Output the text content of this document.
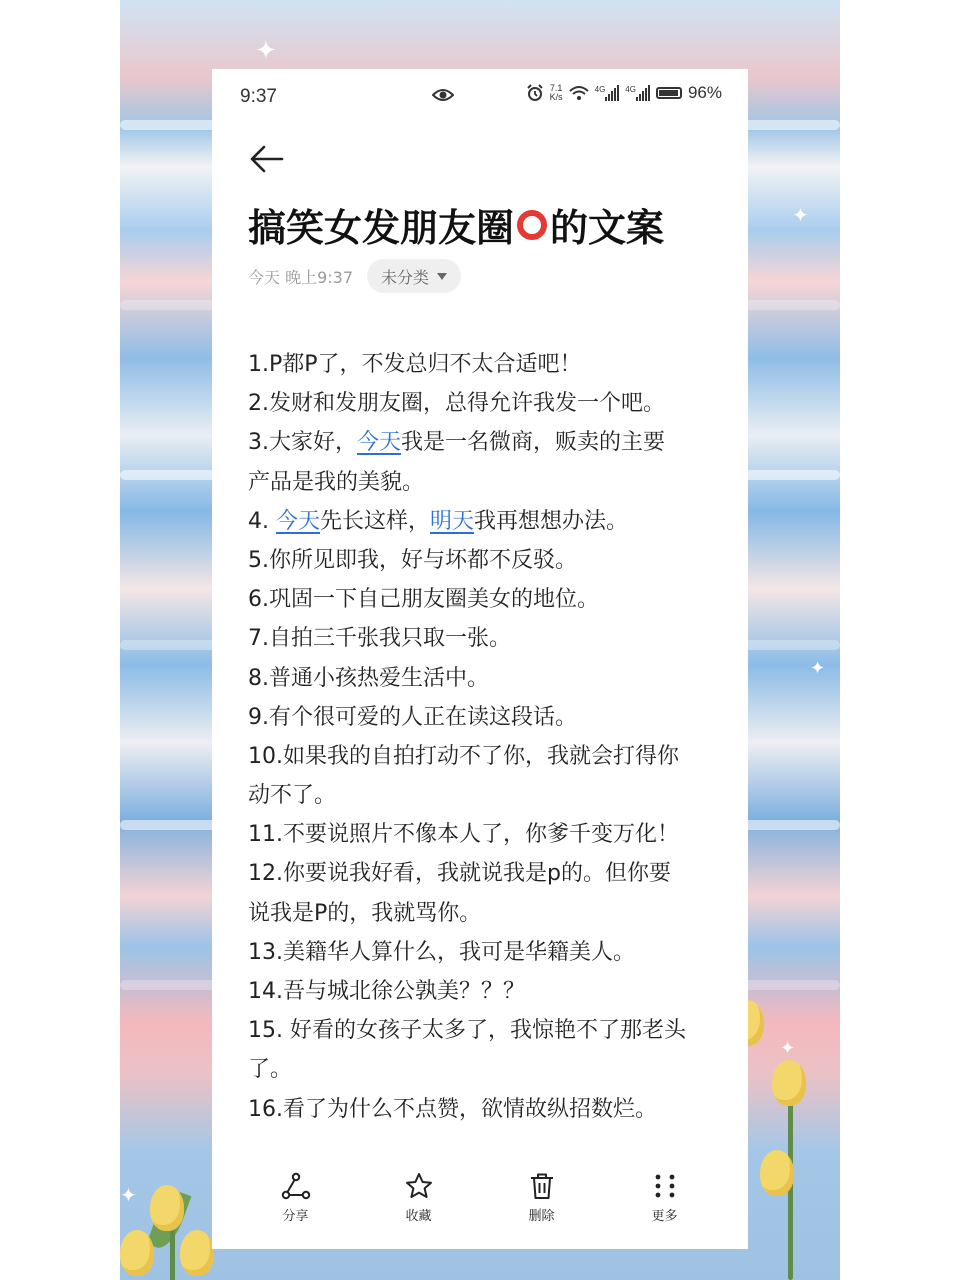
✦
✦
✦
✦
✦
9:37	7.1
K/s
4G	4G	96%
搞笑女发朋友圈 的文案
今天 晚上9:37 未分类
1.P都P了，不发总归不太合适吧！
2.发财和发朋友圈，总得允许我发一个吧。
3.大家好，今天我是一名微商，贩卖的主要
产品是我的美貌。
4. 今天先长这样，明天我再想想办法。
5.你所见即我，好与坏都不反驳。
6.巩固一下自己朋友圈美女的地位。
7.自拍三千张我只取一张。
8.普通小孩热爱生活中。
9.有个很可爱的人正在读这段话。
10.如果我的自拍打动不了你，我就会打得你
动不了。
11.不要说照片不像本人了，你爹千变万化！
12.你要说我好看，我就说我是p的。但你要
说我是P的，我就骂你。
13.美籍华人算什么，我可是华籍美人。
14.吾与城北徐公孰美？？？
15. 好看的女孩子太多了，我惊艳不了那老头
了。
16.看了为什么不点赞，欲情故纵招数烂。
分享	收藏	删除	更多
